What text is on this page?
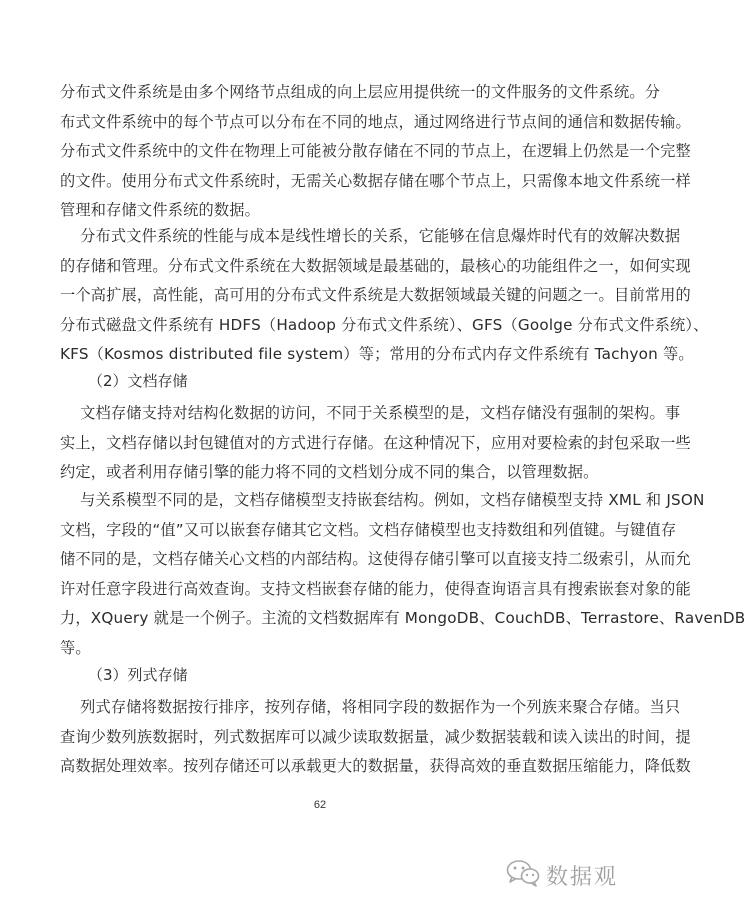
分布式文件系统是由多个网络节点组成的向上层应用提供统一的文件服务的文件系统。分
布式文件系统中的每个节点可以分布在不同的地点，通过网络进行节点间的通信和数据传输。
分布式文件系统中的文件在物理上可能被分散存储在不同的节点上，在逻辑上仍然是一个完整
的文件。使用分布式文件系统时，无需关心数据存储在哪个节点上，只需像本地文件系统一样
管理和存储文件系统的数据。
分布式文件系统的性能与成本是线性增长的关系，它能够在信息爆炸时代有的效解决数据
的存储和管理。分布式文件系统在大数据领域是最基础的，最核心的功能组件之一，如何实现
一个高扩展，高性能，高可用的分布式文件系统是大数据领域最关键的问题之一。目前常用的
分布式磁盘文件系统有 HDFS（Hadoop 分布式文件系统）、GFS（Goolge 分布式文件系统）、
KFS（Kosmos distributed file system）等；常用的分布式内存文件系统有 Tachyon 等。
（2）文档存储
文档存储支持对结构化数据的访问，不同于关系模型的是，文档存储没有强制的架构。事
实上，文档存储以封包键值对的方式进行存储。在这种情况下，应用对要检索的封包采取一些
约定，或者利用存储引擎的能力将不同的文档划分成不同的集合，以管理数据。
与关系模型不同的是，文档存储模型支持嵌套结构。例如，文档存储模型支持 XML 和 JSON
文档，字段的“值”又可以嵌套存储其它文档。文档存储模型也支持数组和列值键。与键值存
储不同的是，文档存储关心文档的内部结构。这使得存储引擎可以直接支持二级索引，从而允
许对任意字段进行高效查询。支持文档嵌套存储的能力，使得查询语言具有搜索嵌套对象的能
力，XQuery 就是一个例子。主流的文档数据库有 MongoDB、CouchDB、Terrastore、RavenDB
等。
（3）列式存储
列式存储将数据按行排序，按列存储，将相同字段的数据作为一个列族来聚合存储。当只
查询少数列族数据时，列式数据库可以减少读取数据量，减少数据装载和读入读出的时间，提
高数据处理效率。按列存储还可以承载更大的数据量，获得高效的垂直数据压缩能力，降低数
62
数据观
